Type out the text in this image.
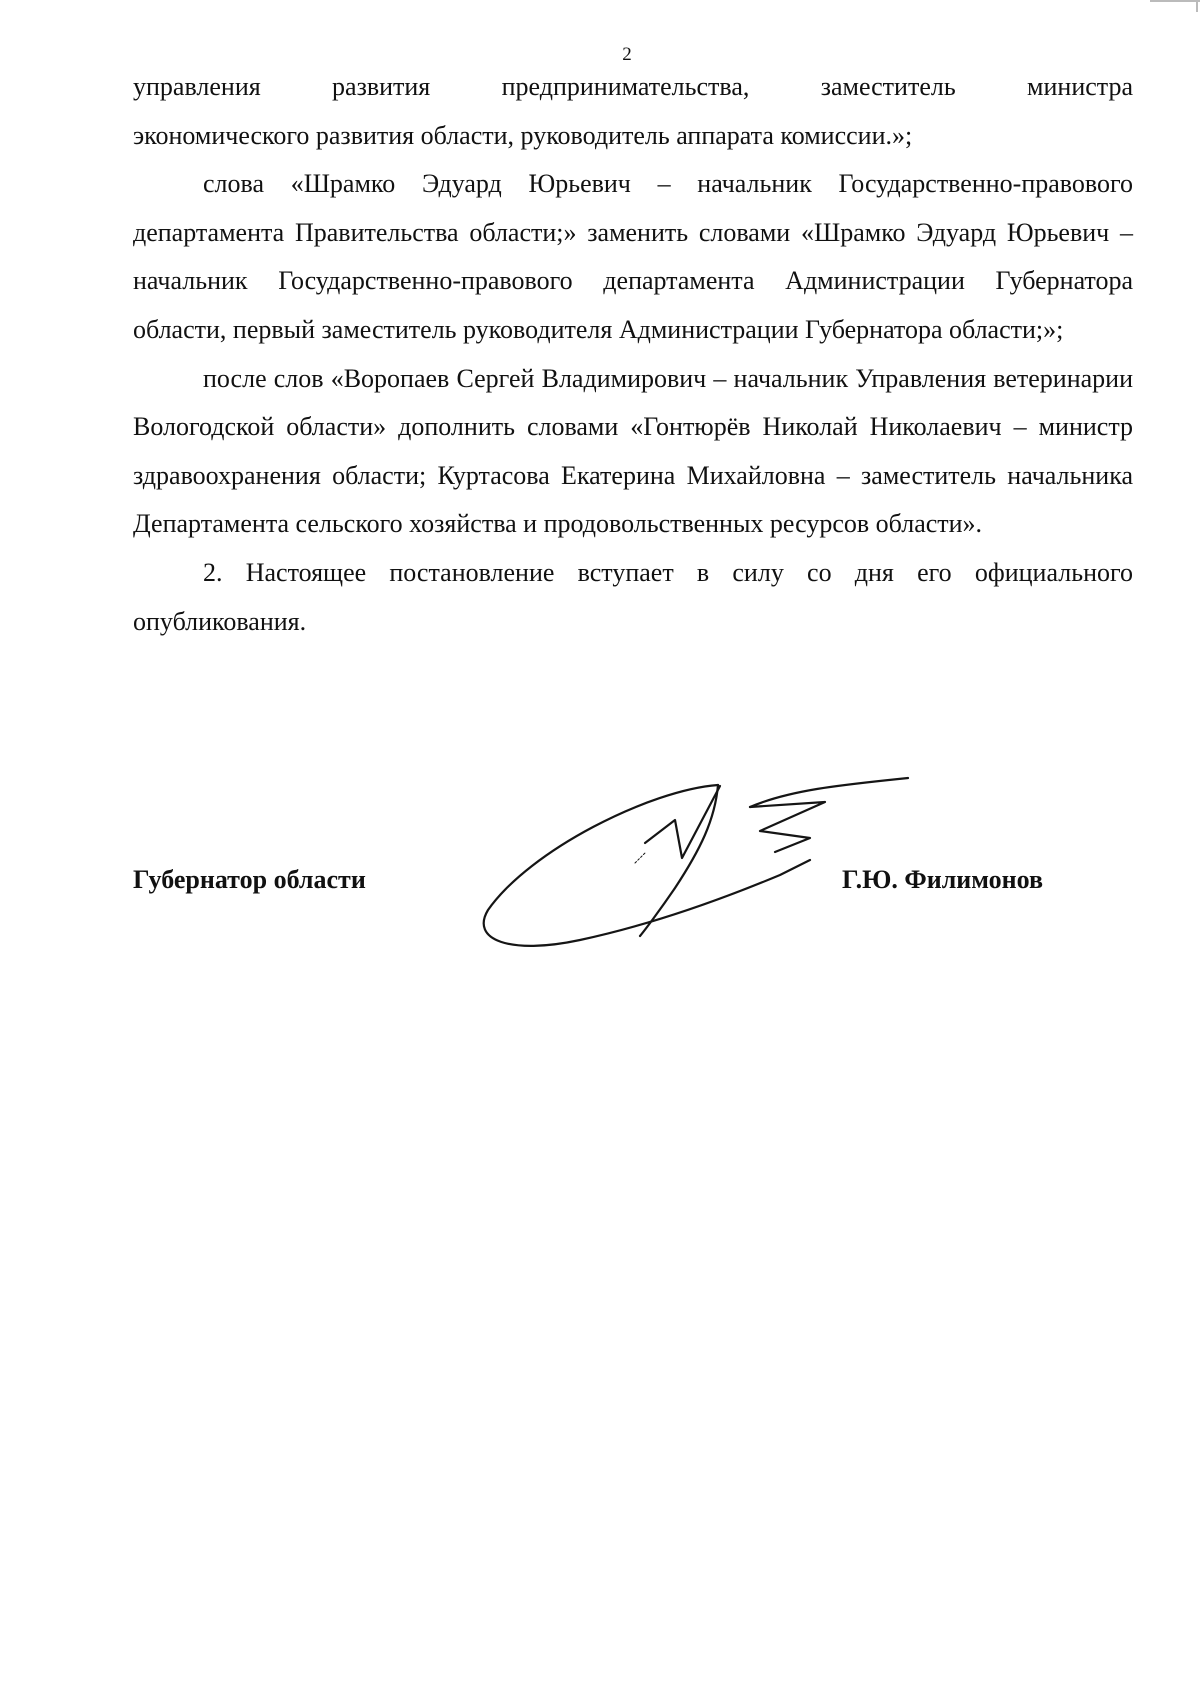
2

управления развития предпринимательства, заместитель министра

экономического развития области, руководитель аппарата комиссии.»;

слова «Шрамко Эдуард Юрьевич – начальник Государственно-правового департамента Правительства области;» заменить словами «Шрамко Эдуард Юрьевич – начальник Государственно-правового департамента Администрации Губернатора области, первый заместитель руководителя Администрации Губернатора области;»;

после слов «Воропаев Сергей Владимирович – начальник Управления ветеринарии Вологодской области» дополнить словами «Гонтюрёв Николай Николаевич – министр здравоохранения области; Куртасова Екатерина Михайловна – заместитель начальника Департамента сельского хозяйства и продовольственных ресурсов области».

2. Настоящее постановление вступает в силу со дня его официального опубликования.

Губернатор области	Г.Ю. Филимонов
